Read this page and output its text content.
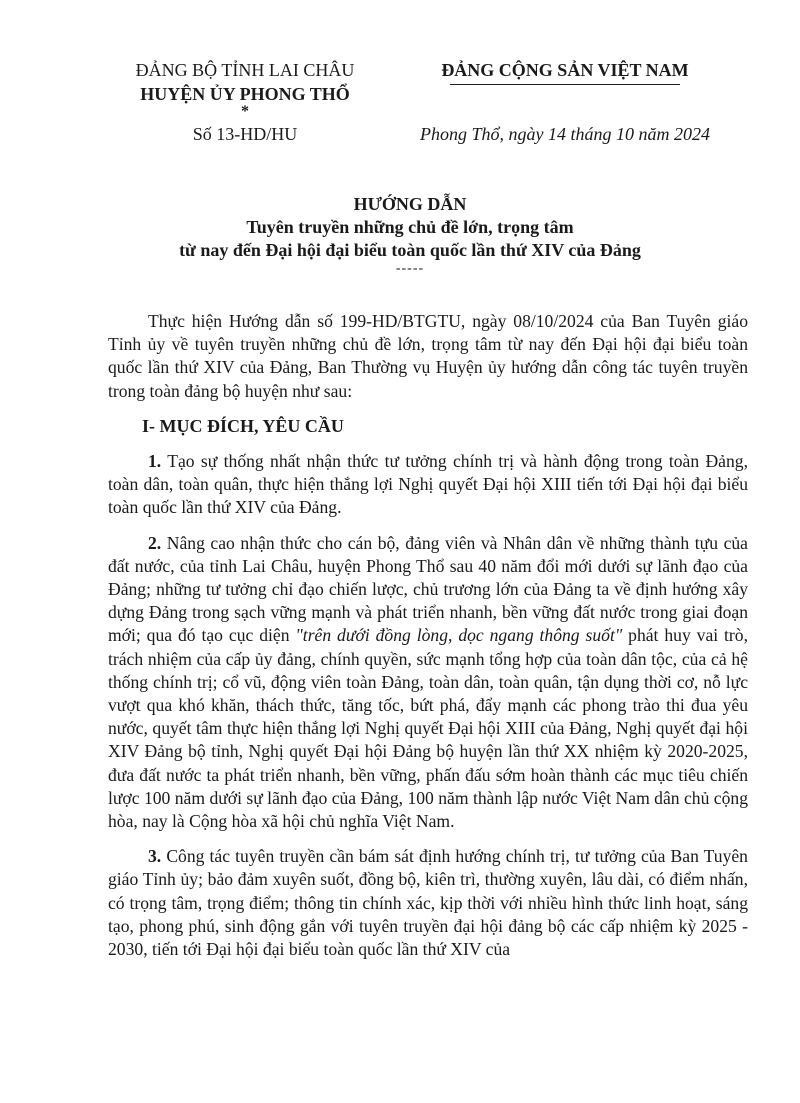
ĐẢNG BỘ TỈNH LAI CHÂU
HUYỆN ỦY PHONG THỔ
*
ĐẢNG CỘNG SẢN VIỆT NAM
Số 13-HD/HU	Phong Thổ, ngày 14 tháng 10 năm 2024
HƯỚNG DẪN
Tuyên truyền những chủ đề lớn, trọng tâm
từ nay đến Đại hội đại biểu toàn quốc lần thứ XIV của Đảng
-----

Thực hiện Hướng dẫn số 199-HD/BTGTU, ngày 08/10/2024 của Ban Tuyên giáo Tỉnh ủy về tuyên truyền những chủ đề lớn, trọng tâm từ nay đến Đại hội đại biểu toàn quốc lần thứ XIV của Đảng, Ban Thường vụ Huyện ủy hướng dẫn công tác tuyên truyền trong toàn đảng bộ huyện như sau:

I- MỤC ĐÍCH, YÊU CẦU

1. Tạo sự thống nhất nhận thức tư tưởng chính trị và hành động trong toàn Đảng, toàn dân, toàn quân, thực hiện thắng lợi Nghị quyết Đại hội XIII tiến tới Đại hội đại biểu toàn quốc lần thứ XIV của Đảng.

2. Nâng cao nhận thức cho cán bộ, đảng viên và Nhân dân về những thành tựu của đất nước, của tỉnh Lai Châu, huyện Phong Thổ sau 40 năm đổi mới dưới sự lãnh đạo của Đảng; những tư tưởng chỉ đạo chiến lược, chủ trương lớn của Đảng ta về định hướng xây dựng Đảng trong sạch vững mạnh và phát triển nhanh, bền vững đất nước trong giai đoạn mới; qua đó tạo cục diện "trên dưới đồng lòng, dọc ngang thông suốt" phát huy vai trò, trách nhiệm của cấp ủy đảng, chính quyền, sức mạnh tổng hợp của toàn dân tộc, của cả hệ thống chính trị; cổ vũ, động viên toàn Đảng, toàn dân, toàn quân, tận dụng thời cơ, nỗ lực vượt qua khó khăn, thách thức, tăng tốc, bứt phá, đẩy mạnh các phong trào thi đua yêu nước, quyết tâm thực hiện thắng lợi Nghị quyết Đại hội XIII của Đảng, Nghị quyết đại hội XIV Đảng bộ tỉnh, Nghị quyết Đại hội Đảng bộ huyện lần thứ XX nhiệm kỳ 2020-2025, đưa đất nước ta phát triển nhanh, bền vững, phấn đấu sớm hoàn thành các mục tiêu chiến lược 100 năm dưới sự lãnh đạo của Đảng, 100 năm thành lập nước Việt Nam dân chủ cộng hòa, nay là Cộng hòa xã hội chủ nghĩa Việt Nam.

3. Công tác tuyên truyền cần bám sát định hướng chính trị, tư tưởng của Ban Tuyên giáo Tỉnh ủy; bảo đảm xuyên suốt, đồng bộ, kiên trì, thường xuyên, lâu dài, có điểm nhấn, có trọng tâm, trọng điểm; thông tin chính xác, kịp thời với nhiều hình thức linh hoạt, sáng tạo, phong phú, sinh động gắn với tuyên truyền đại hội đảng bộ các cấp nhiệm kỳ 2025 - 2030, tiến tới Đại hội đại biểu toàn quốc lần thứ XIV của
